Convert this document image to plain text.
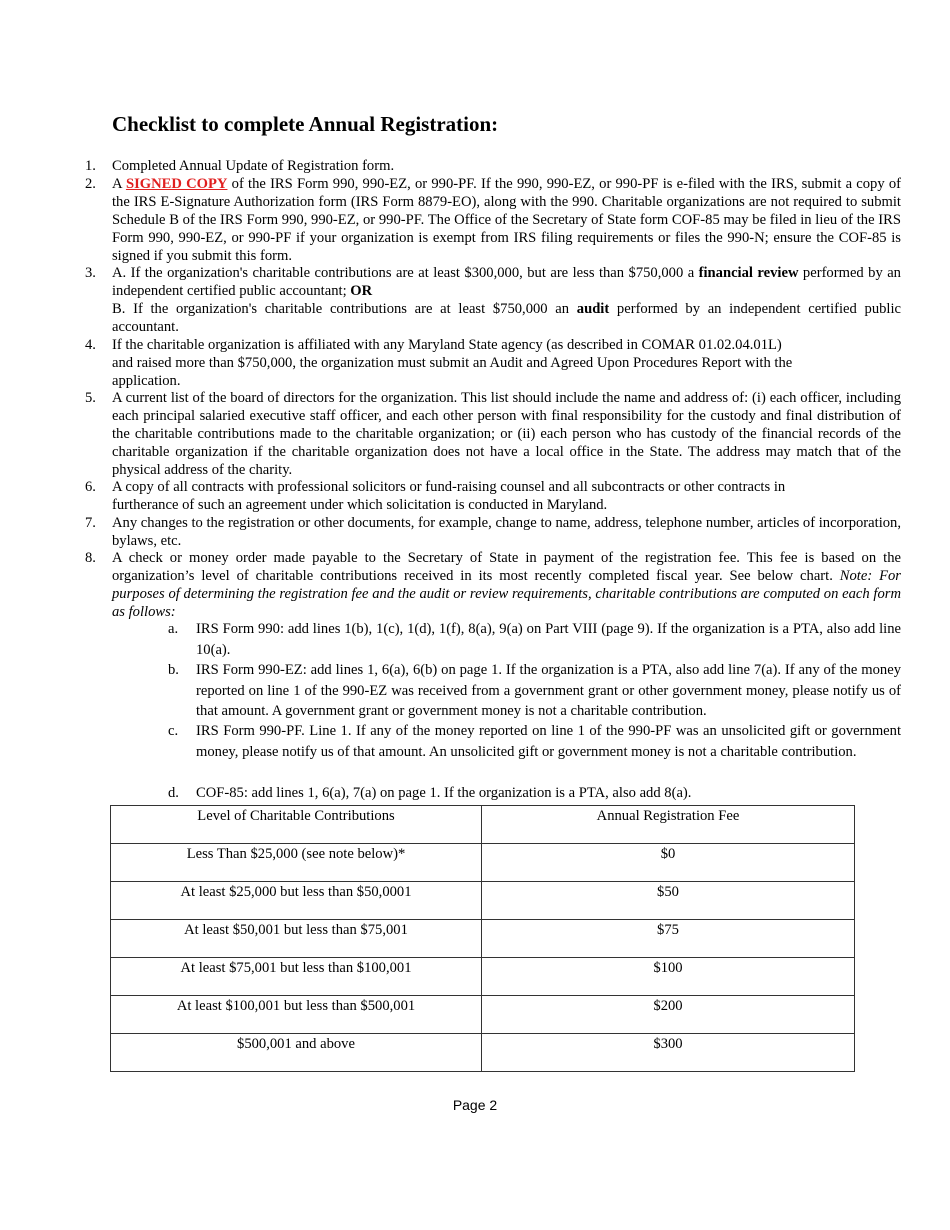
Checklist to complete Annual Registration:
1. Completed Annual Update of Registration form.
2. A SIGNED COPY of the IRS Form 990, 990-EZ, or 990-PF. If the 990, 990-EZ, or 990-PF is e-filed with the IRS, submit a copy of the IRS E-Signature Authorization form (IRS Form 8879-EO), along with the 990. Charitable organizations are not required to submit Schedule B of the IRS Form 990, 990-EZ, or 990-PF. The Office of the Secretary of State form COF-85 may be filed in lieu of the IRS Form 990, 990-EZ, or 990-PF if your organization is exempt from IRS filing requirements or files the 990-N; ensure the COF-85 is signed if you submit this form.
3. A. If the organization's charitable contributions are at least $300,000, but are less than $750,000 a financial review performed by an independent certified public accountant; OR
B. If the organization's charitable contributions are at least $750,000 an audit performed by an independent certified public accountant.
4. If the charitable organization is affiliated with any Maryland State agency (as described in COMAR 01.02.04.01L)
and raised more than $750,000, the organization must submit an Audit and Agreed Upon Procedures Report with the
application.
5. A current list of the board of directors for the organization. This list should include the name and address of: (i) each officer, including each principal salaried executive staff officer, and each other person with final responsibility for the custody and final distribution of the charitable contributions made to the charitable organization; or (ii) each person who has custody of the financial records of the charitable organization if the charitable organization does not have a local office in the State. The address may match that of the physical address of the charity.
6. A copy of all contracts with professional solicitors or fund-raising counsel and all subcontracts or other contracts in
furtherance of such an agreement under which solicitation is conducted in Maryland.
7. Any changes to the registration or other documents, for example, change to name, address, telephone number, articles of incorporation, bylaws, etc.
8. A check or money order made payable to the Secretary of State in payment of the registration fee. This fee is based on the organization’s level of charitable contributions received in its most recently completed fiscal year. See below chart. Note: For purposes of determining the registration fee and the audit or review requirements, charitable contributions are computed on each form as follows:
a. IRS Form 990: add lines 1(b), 1(c), 1(d), 1(f), 8(a), 9(a) on Part VIII (page 9). If the organization is a PTA, also add line 10(a).
b. IRS Form 990-EZ: add lines 1, 6(a), 6(b) on page 1. If the organization is a PTA, also add line 7(a). If any of the money reported on line 1 of the 990-EZ was received from a government grant or other government money, please notify us of that amount. A government grant or government money is not a charitable contribution.
c. IRS Form 990-PF. Line 1. If any of the money reported on line 1 of the 990-PF was an unsolicited gift or government money, please notify us of that amount. An unsolicited gift or government money is not a charitable contribution.
d. COF-85: add lines 1, 6(a), 7(a) on page 1. If the organization is a PTA, also add 8(a).
Level of Charitable Contributions	Annual Registration Fee
Less Than $25,000 (see note below)*	$0
At least $25,000 but less than $50,0001	$50
At least $50,001 but less than $75,001	$75
At least $75,001 but less than $100,001	$100
At least $100,001 but less than $500,001	$200
$500,001 and above	$300
Page 2
